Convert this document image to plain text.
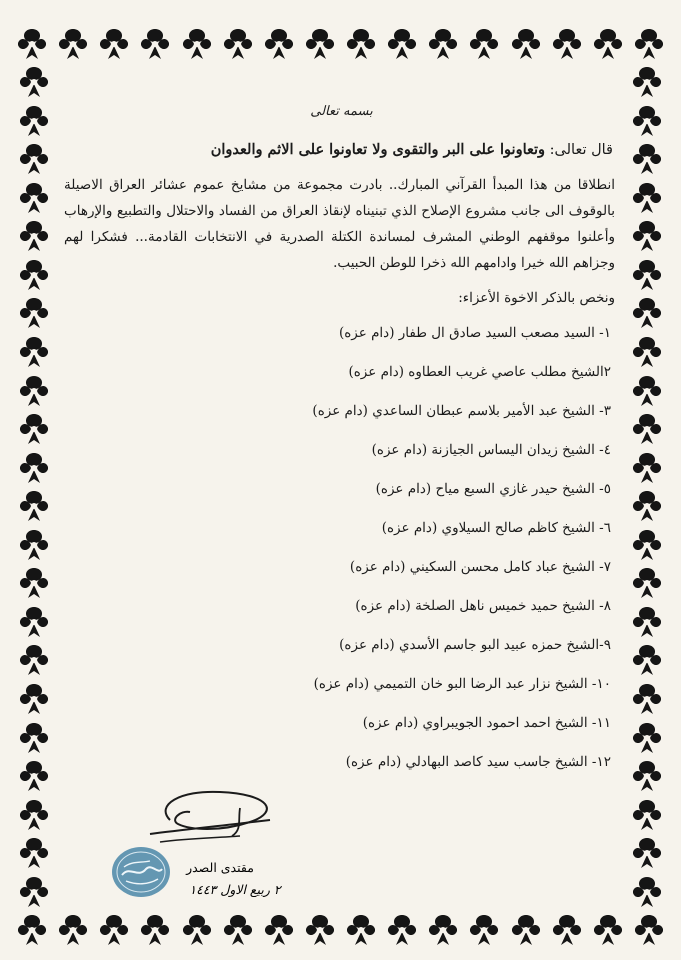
بسمه تعالى
قال تعالى: وتعاونوا على البر والتقوى ولا تعاونوا على الاثم والعدوان
انطلاقا من هذا المبدأ القرآني المبارك.. بادرت مجموعة من مشايخ عموم عشائر العراق الاصيلة بالوقوف الى جانب مشروع الإصلاح الذي تبنيناه لإنقاذ العراق من الفساد والاحتلال والتطبيع والإرهاب وأعلنوا موقفهم الوطني المشرف لمساندة الكتلة الصدرية في الانتخابات القادمة... فشكرا لهم وجزاهم الله خيرا وادامهم الله ذخرا للوطن الحبيب.
ونخص بالذكر الاخوة الأعزاء:
١- السيد مصعب السيد صادق ال طفار (دام عزه)
٢الشيخ مطلب عاصي غريب العطاوه (دام عزه)
٣- الشيخ عبد الأمير بلاسم عبطان الساعدي (دام عزه)
٤- الشيخ زيدان اليساس الجيازنة (دام عزه)
٥- الشيخ حيدر غازي السبع مياح (دام عزه)
٦- الشيخ كاظم صالح السيلاوي (دام عزه)
٧- الشيخ عباد كامل محسن السكيني (دام عزه)
٨- الشيخ حميد خميس ناهل الصلخة (دام عزه)
٩-الشيخ حمزه عبيد البو جاسم الأسدي (دام عزه)
١٠- الشيخ نزار عبد الرضا البو خان التميمي (دام عزه)
١١- الشيخ احمد احمود الجويبراوي (دام عزه)
١٢- الشيخ جاسب سيد كاصد البهادلي (دام عزه)
مقتدى الصدر
٢ ربيع الاول ١٤٤٣
